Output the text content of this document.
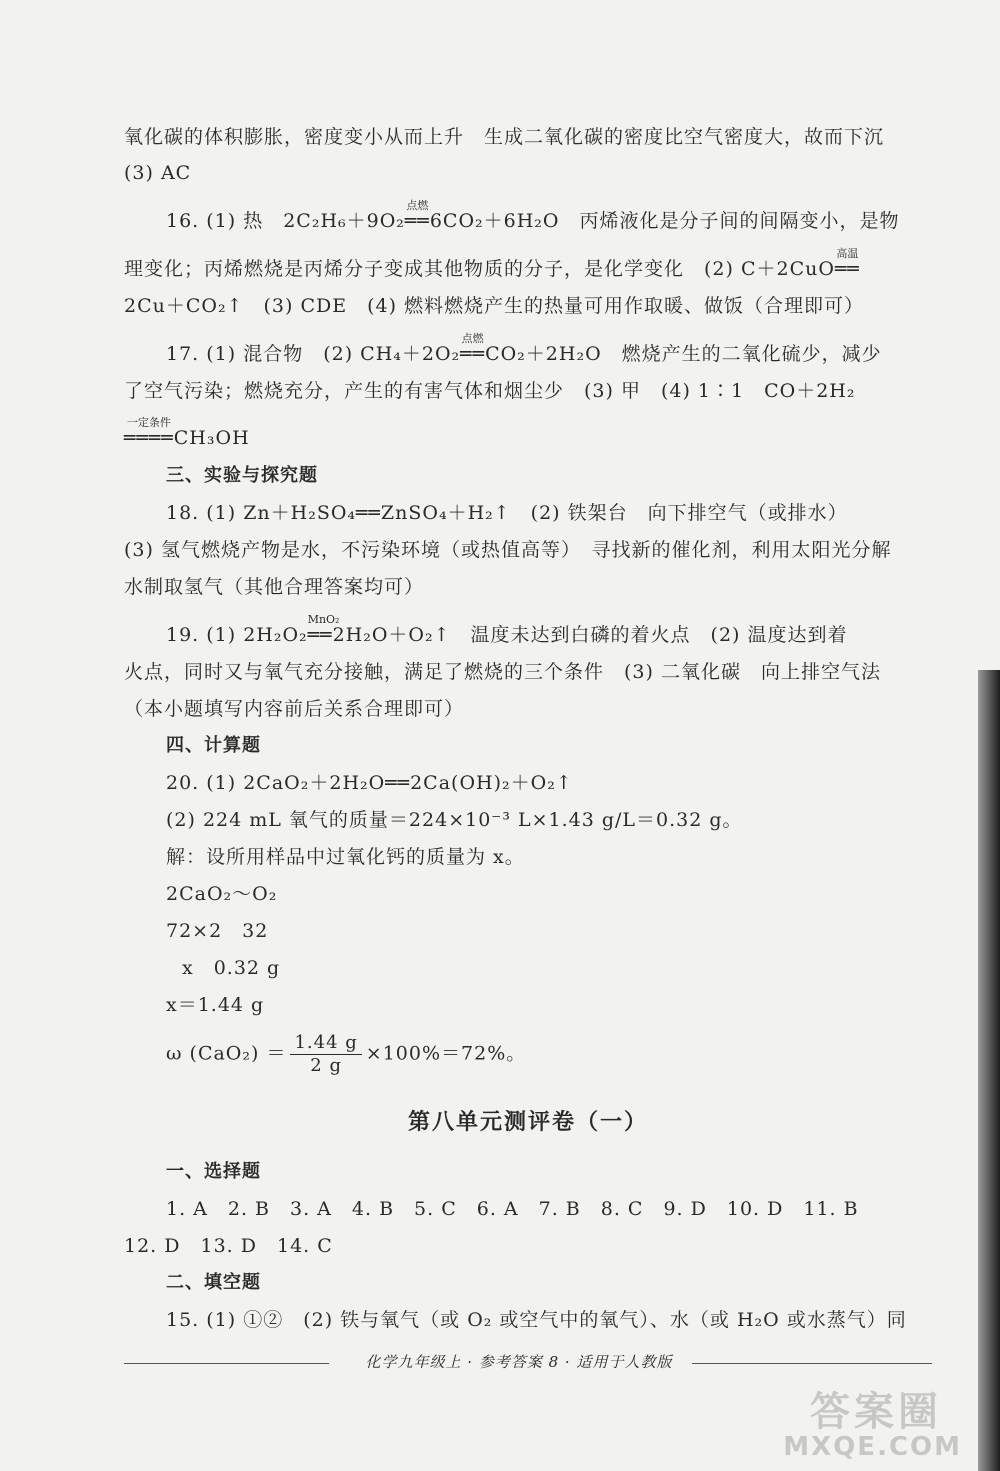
氧化碳的体积膨胀，密度变小从而上升　生成二氧化碳的密度比空气密度大，故而下沉
(3) AC
16. (1) 热　2C₂H₆＋9O₂
点燃
══6CO₂＋6H₂O　丙烯液化是分子间的间隔变小，是物
理变化；丙烯燃烧是丙烯分子变成其他物质的分子，是化学变化　(2) C＋2CuO
高温
══
2Cu＋CO₂↑　(3) CDE　(4) 燃料燃烧产生的热量可用作取暖、做饭（合理即可）
17. (1) 混合物　(2) CH₄＋2O₂
点燃
══CO₂＋2H₂O　燃烧产生的二氧化硫少，减少
了空气污染；燃烧充分，产生的有害气体和烟尘少　(3) 甲　(4) 1∶1　CO＋2H₂
一定条件
════CH₃OH
三、实验与探究题
18. (1) Zn＋H₂SO₄══ZnSO₄＋H₂↑　(2) 铁架台　向下排空气（或排水）
(3) 氢气燃烧产物是水，不污染环境（或热值高等）　寻找新的催化剂，利用太阳光分解
水制取氢气（其他合理答案均可）
19. (1) 2H₂O₂
MnO₂
══2H₂O＋O₂↑　温度未达到白磷的着火点　(2) 温度达到着
火点，同时又与氧气充分接触，满足了燃烧的三个条件　(3) 二氧化碳　向上排空气法
（本小题填写内容前后关系合理即可）
四、计算题
20. (1) 2CaO₂＋2H₂O══2Ca(OH)₂＋O₂↑
(2) 224 mL 氧气的质量＝224×10⁻³ L×1.43 g/L＝0.32 g。
解：设所用样品中过氧化钙的质量为 x。
2CaO₂～O₂
72×2　32
x　0.32 g
x＝1.44 g
ω $(CaO_2) = \frac{1.44 g}{2 g} \times 100\%=72\%$。
第八单元测评卷（一）
一、选择题
1. A　2. B　3. A　4. B　5. C　6. A　7. B　8. C　9. D　10. D　11. B
12. D　13. D　14. C
二、填空题
15. (1) ①②　(2) 铁与氧气（或 O₂ 或空气中的氧气）、水（或 H₂O 或水蒸气）同
化学九年级上 · 参考答案 8 · 适用于人教版
答案圈
MXQE.COM
